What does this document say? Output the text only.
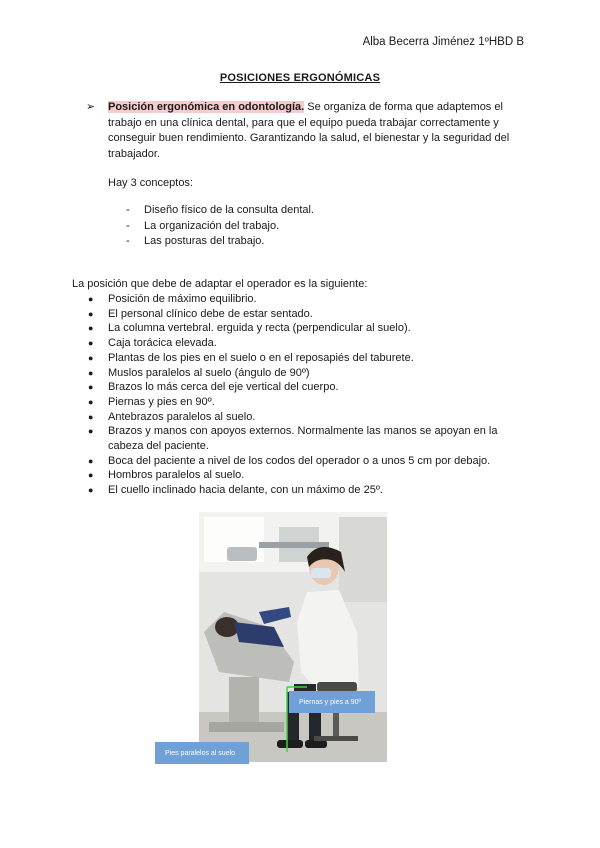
Alba Becerra Jiménez 1ºHBD B
POSICIONES ERGONÓMICAS
➢ Posición ergonómica en odontología. Se organiza de forma que adaptemos el trabajo en una clínica dental, para que el equipo pueda trabajar correctamente y conseguir buen rendimiento. Garantizando la salud, el bienestar y la seguridad del trabajador.
Hay 3 conceptos:
-	Diseño físico de la consulta dental.
-	La organización del trabajo.
-	Las posturas del trabajo.
La posición que debe de adaptar el operador es la siguiente:
●	Posición de máximo equilibrio.
●	El personal clínico debe de estar sentado.
●	La columna vertebral. erguida y recta (perpendicular al suelo).
●	Caja torácica elevada.
●	Plantas de los pies en el suelo o en el reposapiés del taburete.
●	Muslos paralelos al suelo (ángulo de 90º)
●	Brazos lo más cerca del eje vertical del cuerpo.
●	Piernas y pies en 90º.
●	Antebrazos paralelos al suelo.
●	Brazos y manos con apoyos externos. Normalmente las manos se apoyan en la cabeza del paciente.
●	Boca del paciente a nivel de los codos del operador o a unos 5 cm por debajo.
●	Hombros paralelos al suelo.
●	El cuello inclinado hacia delante, con un máximo de 25º.
Piernas y pies a 90º
Pies paralelos al suelo
